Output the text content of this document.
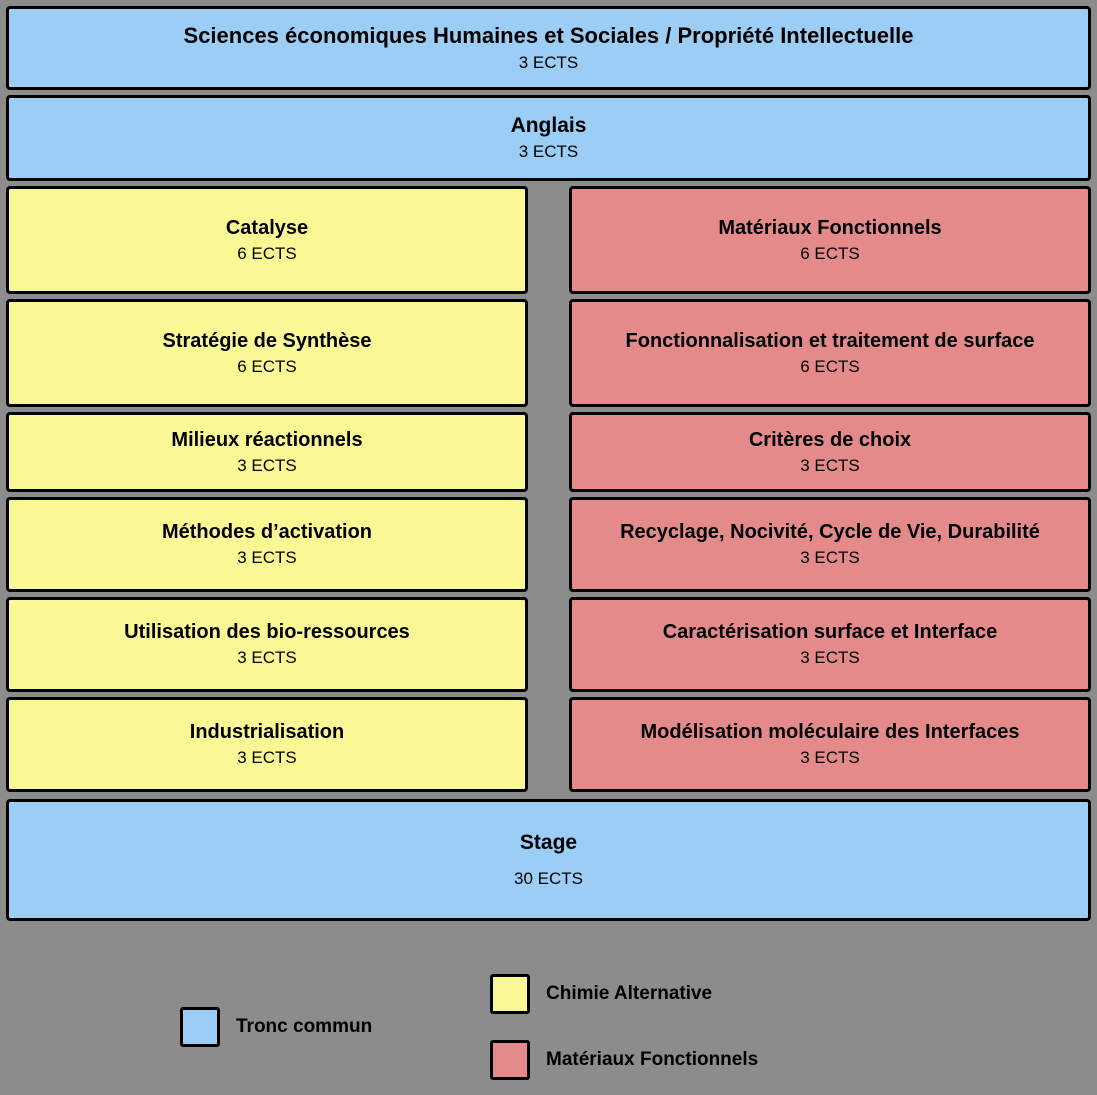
Sciences économiques Humaines et Sociales / Propriété Intellectuelle
3 ECTS
Anglais
3 ECTS
Catalyse
6 ECTS
Stratégie de Synthèse
6 ECTS
Milieux réactionnels
3 ECTS
Méthodes d’activation
3 ECTS
Utilisation des bio-ressources
3 ECTS
Industrialisation
3 ECTS
Matériaux Fonctionnels
6 ECTS
Fonctionnalisation et traitement de surface
6 ECTS
Critères de choix
3 ECTS
Recyclage, Nocivité, Cycle de Vie, Durabilité
3 ECTS
Caractérisation surface et Interface
3 ECTS
Modélisation moléculaire des Interfaces
3 ECTS
Stage
30 ECTS
Tronc commun
Chimie Alternative
Matériaux Fonctionnels
